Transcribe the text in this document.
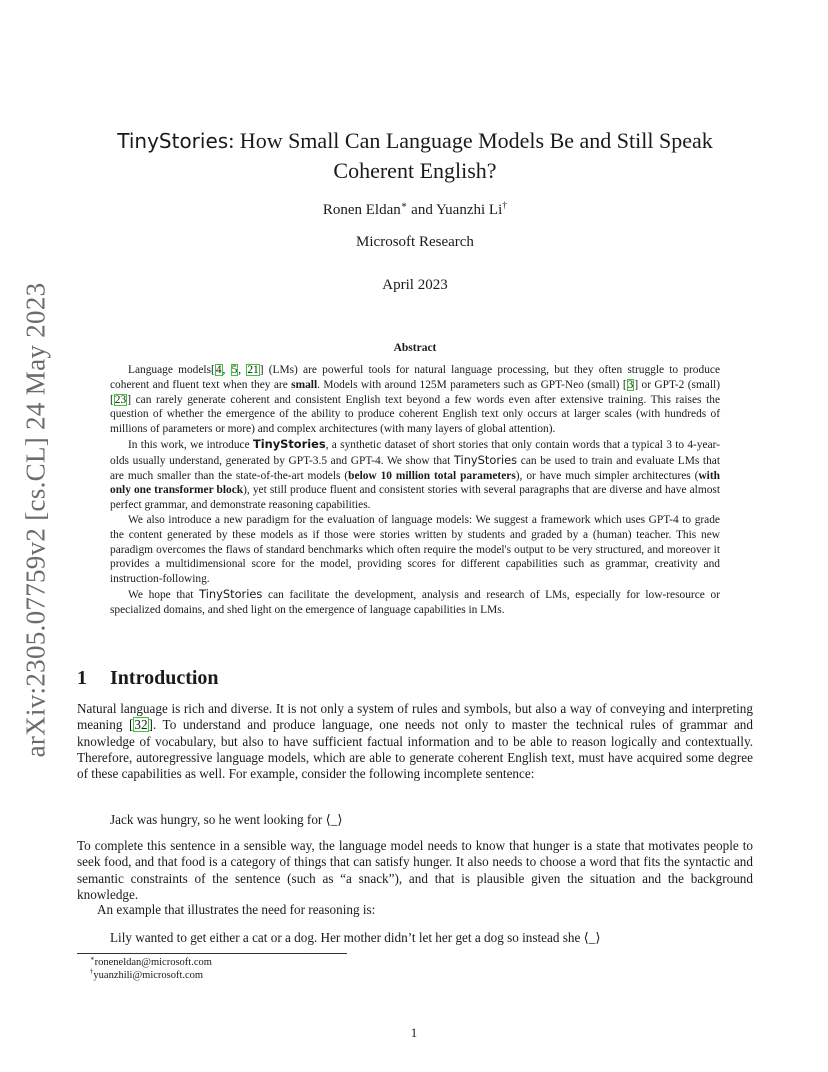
arXiv:2305.07759v2 [cs.CL] 24 May 2023
TinyStories: How Small Can Language Models Be and Still Speak Coherent English?
Ronen Eldan∗ and Yuanzhi Li†
Microsoft Research
April 2023
Abstract

Language models[4, 5, 21] (LMs) are powerful tools for natural language processing, but they often struggle to produce coherent and fluent text when they are small. Models with around 125M parameters such as GPT-Neo (small) [3] or GPT-2 (small) [23] can rarely generate coherent and consistent English text beyond a few words even after extensive training. This raises the question of whether the emergence of the ability to produce coherent English text only occurs at larger scales (with hundreds of millions of parameters or more) and complex architectures (with many layers of global attention).

In this work, we introduce TinyStories, a synthetic dataset of short stories that only contain words that a typical 3 to 4-year-olds usually understand, generated by GPT-3.5 and GPT-4. We show that TinyStories can be used to train and evaluate LMs that are much smaller than the state-of-the-art models (below 10 million total parameters), or have much simpler architectures (with only one transformer block), yet still produce fluent and consistent stories with several paragraphs that are diverse and have almost perfect grammar, and demonstrate reasoning capabilities.

We also introduce a new paradigm for the evaluation of language models: We suggest a framework which uses GPT-4 to grade the content generated by these models as if those were stories written by students and graded by a (human) teacher. This new paradigm overcomes the flaws of standard benchmarks which often require the model's output to be very structured, and moreover it provides a multidimensional score for the model, providing scores for different capabilities such as grammar, creativity and instruction-following.

We hope that TinyStories can facilitate the development, analysis and research of LMs, especially for low-resource or specialized domains, and shed light on the emergence of language capabilities in LMs.

1 Introduction

Natural language is rich and diverse. It is not only a system of rules and symbols, but also a way of conveying and interpreting meaning [32]. To understand and produce language, one needs not only to master the technical rules of grammar and knowledge of vocabulary, but also to have sufficient factual information and to be able to reason logically and contextually. Therefore, autoregressive language models, which are able to generate coherent English text, must have acquired some degree of these capabilities as well. For example, consider the following incomplete sentence:

Jack was hungry, so he went looking for ⟨_⟩

To complete this sentence in a sensible way, the language model needs to know that hunger is a state that motivates people to seek food, and that food is a category of things that can satisfy hunger. It also needs to choose a word that fits the syntactic and semantic constraints of the sentence (such as “a snack”), and that is plausible given the situation and the background knowledge.

An example that illustrates the need for reasoning is:

Lily wanted to get either a cat or a dog. Her mother didn’t let her get a dog so instead she ⟨_⟩
∗roneneldan@microsoft.com
†yuanzhili@microsoft.com
1
